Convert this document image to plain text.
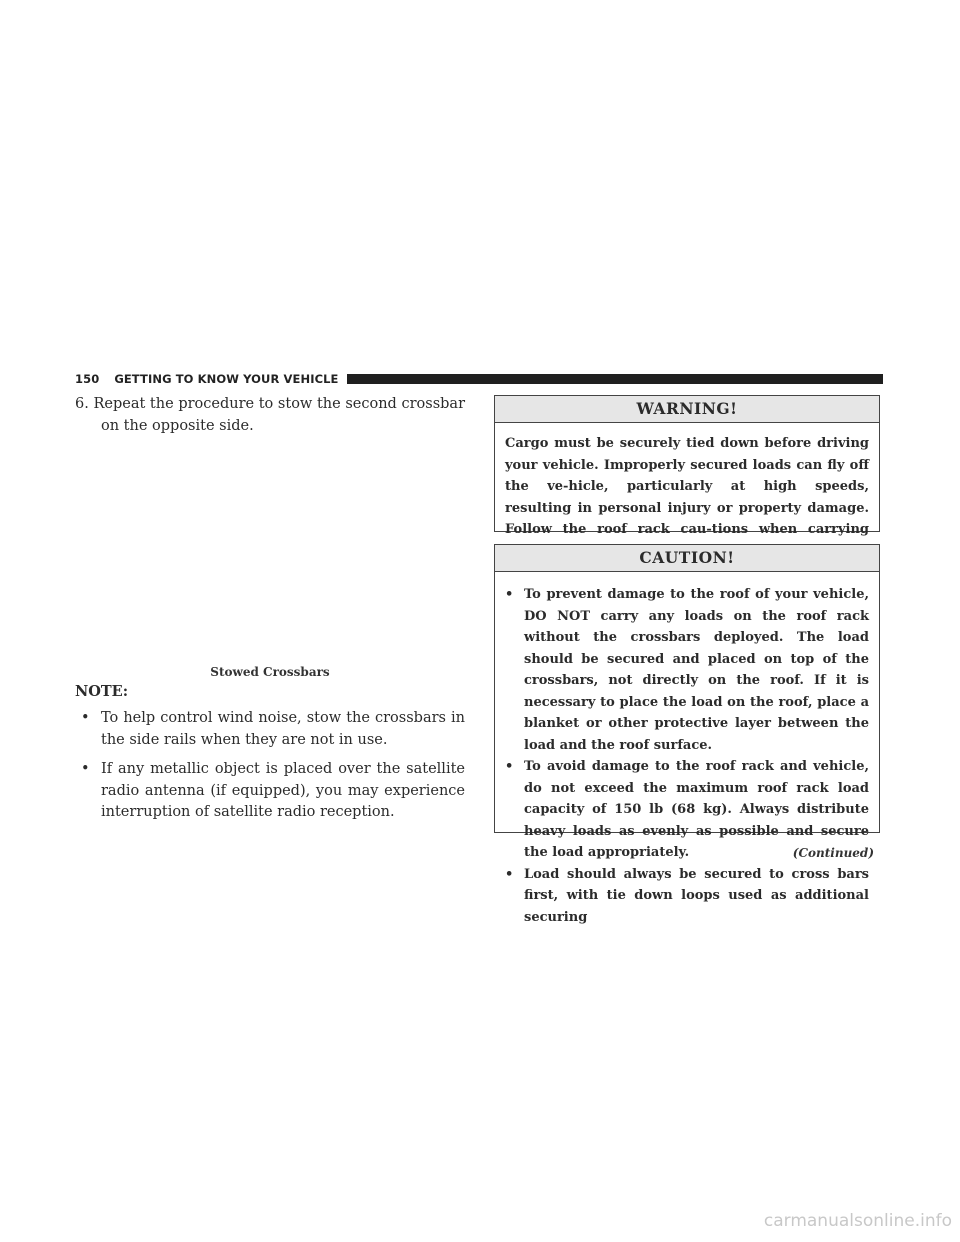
150	GETTING TO KNOW YOUR VEHICLE

6. Repeat the procedure to stow the second crossbar on the opposite side.

Stowed Crossbars
NOTE:
• To help control wind noise, stow the crossbars in the side rails when they are not in use.
• If any metallic object is placed over the satellite radio antenna (if equipped), you may experience interruption of satellite radio reception.
WARNING!

Cargo must be securely tied down before driving your vehicle. Improperly secured loads can fly off the ve-hicle, particularly at high speeds, resulting in personal injury or property damage. Follow the roof rack cau-tions when carrying

CAUTION!
• To prevent damage to the roof of your vehicle, DO NOT carry any loads on the roof rack without the crossbars deployed. The load should be secured and placed on top of the crossbars, not directly on the roof. If it is necessary to place the load on the roof, place a blanket or other protective layer between the load and the roof surface.
• To avoid damage to the roof rack and vehicle, do not exceed the maximum roof rack load capacity of 150 lb (68 kg). Always distribute heavy loads as evenly as possible and secure the load appropriately.
• Load should always be secured to cross bars first, with tie down loops used as additional securing
(Continued)
carmanualsonline.info
